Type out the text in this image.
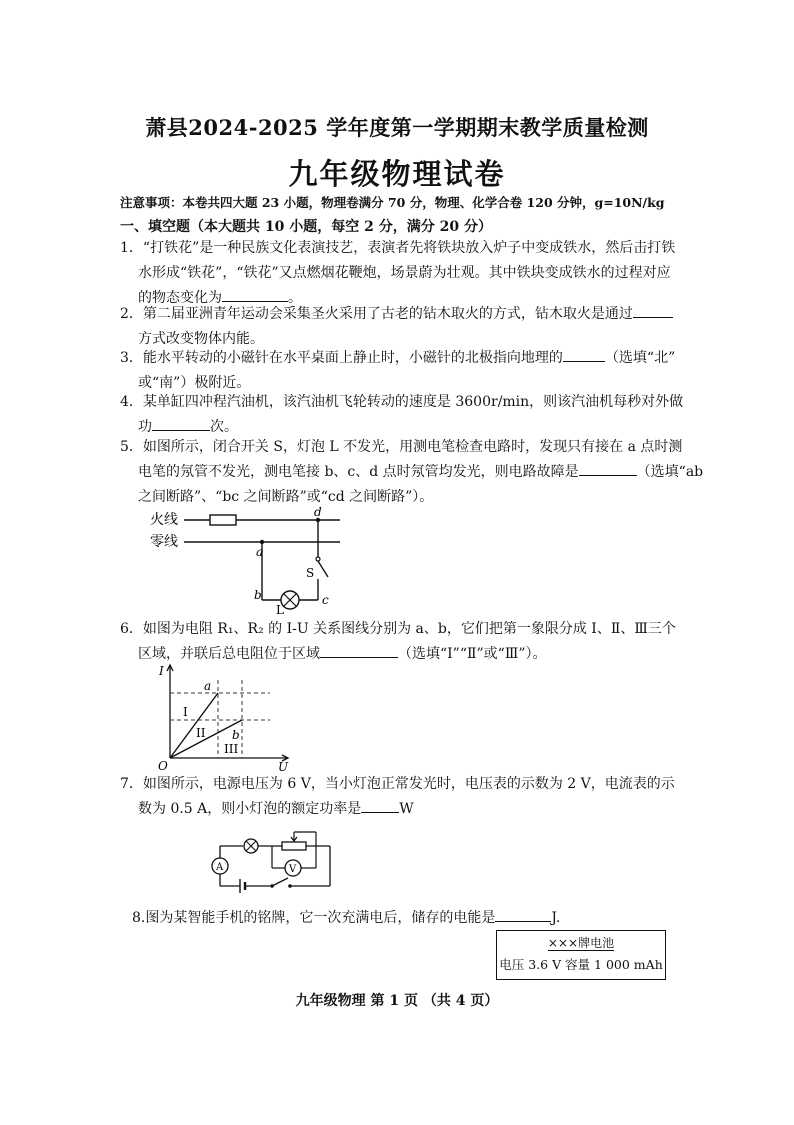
萧县2024-2025 学年度第一学期期末教学质量检测
九年级物理试卷
注意事项：本卷共四大题 23 小题，物理卷满分 70 分，物理、化学合卷 120 分钟，g=10N/kg
一、填空题（本大题共 10 小题，每空 2 分，满分 20 分）
1．“打铁花”是一种民族文化表演技艺，表演者先将铁块放入炉子中变成铁水，然后击打铁
水形成“铁花”，“铁花”又点燃烟花鞭炮，场景蔚为壮观。其中铁块变成铁水的过程对应
的物态变化为	。
2．第二届亚洲青年运动会采集圣火采用了古老的钻木取火的方式，钻木取火是通过
方式改变物体内能。
3．能水平转动的小磁针在水平桌面上静止时，小磁针的北极指向地理的	（选填“北”
或“南”）极附近。
4．某单缸四冲程汽油机，该汽油机飞轮转动的速度是 3600r/min，则该汽油机每秒对外做
功	次。
5．如图所示，闭合开关 S，灯泡 L 不发光，用测电笔检查电路时，发现只有接在 a 点时测
电笔的氖管不发光，测电笔接 b、c、d 点时氖管均发光，则电路故障是	（选填“ab
之间断路”、“bc 之间断路”或“cd 之间断路”）。
火线
零线
d
S
c
a
b
L
6．如图为电阻 R₁、R₂ 的 I-U 关系图线分别为 a、b，它们把第一象限分成 I、Ⅱ、Ⅲ三个
区域，并联后总电阻位于区域	（选填“I”“Ⅱ”或“Ⅲ”）。
I
U
O
a
b
I
II
III
7．如图所示，电源电压为 6 V，当小灯泡正常发光时，电压表的示数为 2 V，电流表的示
数为 0.5 A，则小灯泡的额定功率是	W
V
A
8.图为某智能手机的铭牌，它一次充满电后，储存的电能是	J.
×××牌电池
电压 3.6 V 容量 1 000 mAh
九年级物理 第 1 页 （共 4 页）
